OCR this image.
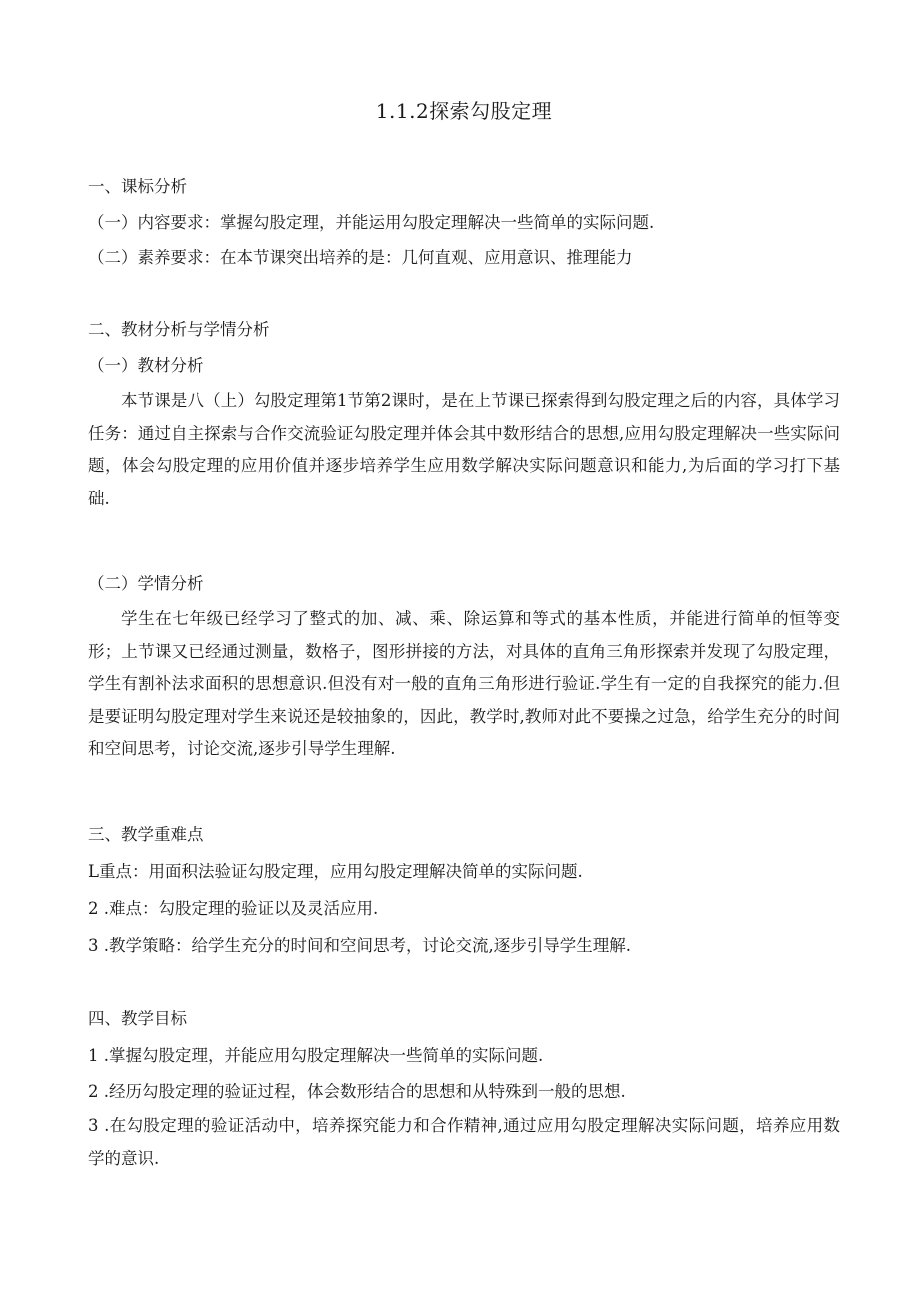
1.1.2探索勾股定理
一、课标分析
（一）内容要求：掌握勾股定理，并能运用勾股定理解决一些简单的实际问题.
（二）素养要求：在本节课突出培养的是：几何直观、应用意识、推理能力
二、教材分析与学情分析
（一）教材分析
本节课是八（上）勾股定理第1节第2课时，是在上节课已探索得到勾股定理之后的内容，具体学习任务：通过自主探索与合作交流验证勾股定理并体会其中数形结合的思想,应用勾股定理解决一些实际问题，体会勾股定理的应用价值并逐步培养学生应用数学解决实际问题意识和能力,为后面的学习打下基础.
（二）学情分析
学生在七年级已经学习了整式的加、减、乘、除运算和等式的基本性质，并能进行简单的恒等变形；上节课又已经通过测量，数格子，图形拼接的方法，对具体的直角三角形探索并发现了勾股定理，学生有割补法求面积的思想意识.但没有对一般的直角三角形进行验证.学生有一定的自我探究的能力.但是要证明勾股定理对学生来说还是较抽象的，因此，教学时,教师对此不要操之过急，给学生充分的时间和空间思考，讨论交流,逐步引导学生理解.
三、教学重难点
L重点：用面积法验证勾股定理，应用勾股定理解决简单的实际问题.
2 .难点：勾股定理的验证以及灵活应用.
3 .教学策略：给学生充分的时间和空间思考，讨论交流,逐步引导学生理解.
四、教学目标
1 .掌握勾股定理，并能应用勾股定理解决一些简单的实际问题.
2 .经历勾股定理的验证过程，体会数形结合的思想和从特殊到一般的思想.
3 .在勾股定理的验证活动中，培养探究能力和合作精神,通过应用勾股定理解决实际问题，培养应用数学的意识.
